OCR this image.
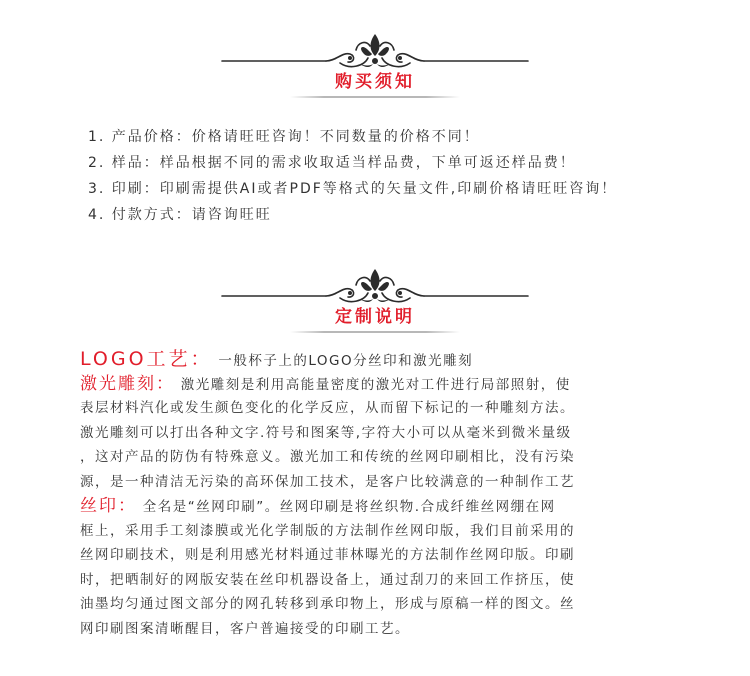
购买须知
1. 产品价格：价格请旺旺咨询！不同数量的价格不同！
2. 样品：样品根据不同的需求收取适当样品费，下单可返还样品费！
3. 印刷：印刷需提供AI或者PDF等格式的矢量文件,印刷价格请旺旺咨询！
4. 付款方式：请咨询旺旺
定制说明
LOGO工艺： 一般杯子上的LOGO分丝印和激光雕刻
激光雕刻： 激光雕刻是利用高能量密度的激光对工件进行局部照射，使
表层材料汽化或发生颜色变化的化学反应，从而留下标记的一种雕刻方法。
激光雕刻可以打出各种文字.符号和图案等,字符大小可以从毫米到微米量级
，这对产品的防伪有特殊意义。激光加工和传统的丝网印刷相比，没有污染
源，是一种清洁无污染的高环保加工技术，是客户比较满意的一种制作工艺
丝印： 全名是“丝网印刷”。丝网印刷是将丝织物.合成纤维丝网绷在网
框上，采用手工刻漆膜或光化学制版的方法制作丝网印版，我们目前采用的
丝网印刷技术，则是利用感光材料通过菲林曝光的方法制作丝网印版。印刷
时，把晒制好的网版安装在丝印机器设备上，通过刮刀的来回工作挤压，使
油墨均匀通过图文部分的网孔转移到承印物上，形成与原稿一样的图文。丝
网印刷图案清晰醒目，客户普遍接受的印刷工艺。
